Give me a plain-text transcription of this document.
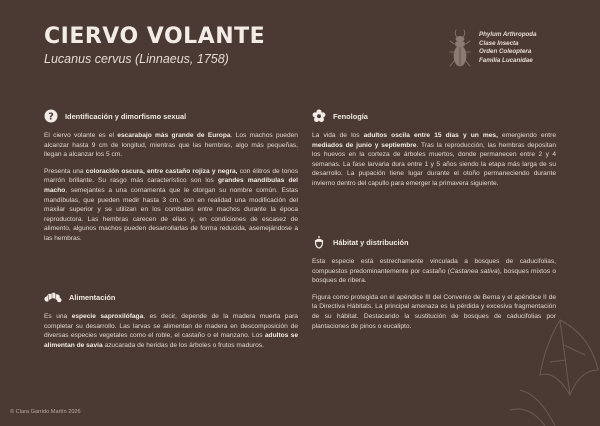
CIERVO VOLANTE
Lucanus cervus (Linnaeus, 1758)
Phylum Arthropoda
Clase Insecta
Orden Coleoptera
Familia Lucanidae
? Identificación y dimorfismo sexual

El ciervo volante es el escarabajo más grande de Europa. Los machos pueden alcanzar hasta 9 cm de longitud, mientras que las hembras, algo más pequeñas, llegan a alcanzar los 5 cm.

Presenta una coloración oscura, entre castaño rojiza y negra, con élitros de tonos marrón brillante. Su rasgo más característico son los grandes mandíbulas del macho, semejantes a una cornamenta que le otorgan su nombre común. Estas mandíbulas, que pueden medir hasta 3 cm, son en realidad una modificación del maxilar superior y se utilizan en los combates entre machos durante la época reproductora. Las hembras carecen de ellas y, en condiciones de escasez de alimento, algunos machos pueden desarrollarlas de forma reducida, asemejándose a las hembras.

Alimentación

Es una especie saproxilófaga, es decir, depende de la madera muerta para completar su desarrollo. Las larvas se alimentan de madera en descomposición de diversas especies vegetales como el roble, el castaño o el manzano. Los adultos se alimentan de savia azucarada de heridas de los árboles o frutos maduros.

Fenología

La vida de los adultos oscila entre 15 días y un mes, emergiendo entre mediados de junio y septiembre. Tras la reproducción, las hembras depositan los huevos en la corteza de árboles muertos, donde permanecen entre 2 y 4 semanas. La fase larvaria dura entre 1 y 5 años siendo la etapa más larga de su desarrollo. La pupación tiene lugar durante el otoño permaneciendo durante invierno dentro del capullo para emerger la primavera siguiente.

Hábitat y distribución

Esta especie está estrechamente vinculada a bosques de caducifolias, compuestos predominantemente por castaño (Castanea sativa), bosques mixtos o bosques de ribera.

Figura como protegida en el apéndice III del Convenio de Berna y el apéndice II de la Directiva Hábitats. La principal amenaza es la pérdida y excesiva fragmentación de su hábitat. Destacando la sustitución de bosques de caducifolias por plantaciones de pinos o eucalipto.

© Clara Garrido Martín 2026
